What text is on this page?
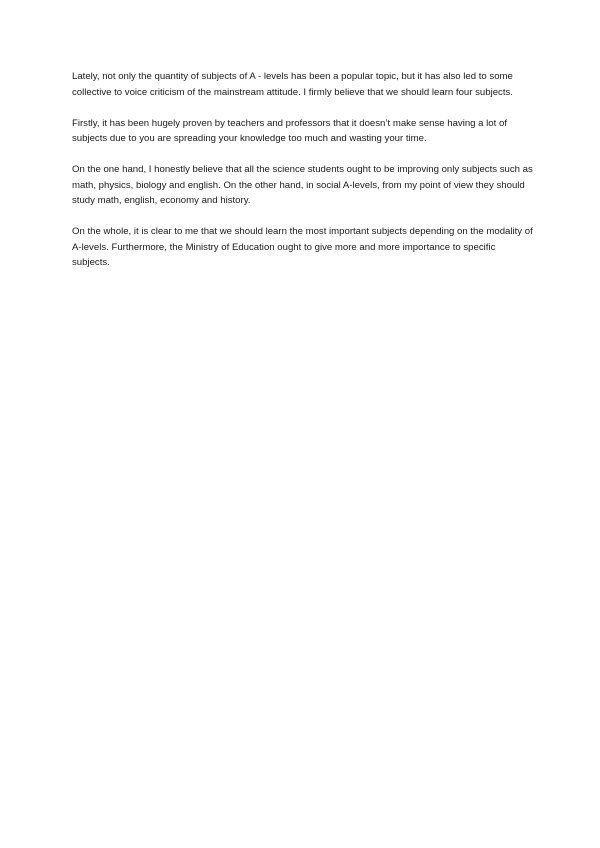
Lately, not only the quantity of subjects of A - levels has been a popular topic, but it has also led to some collective to voice criticism of the mainstream attitude. I firmly believe that we should learn four subjects.

Firstly, it has been hugely proven by teachers and professors that it doesn’t make sense having a lot of subjects due to you are spreading your knowledge too much and wasting your time.

On the one hand, I honestly believe that all the science students ought to be improving only subjects such as math, physics, biology and english. On the other hand, in social A-levels, from my point of view they should study math, english, economy and history.

On the whole, it is clear to me that we should learn the most important subjects depending on the modality of A-levels. Furthermore, the Ministry of Education ought to give more and more importance to specific subjects.
